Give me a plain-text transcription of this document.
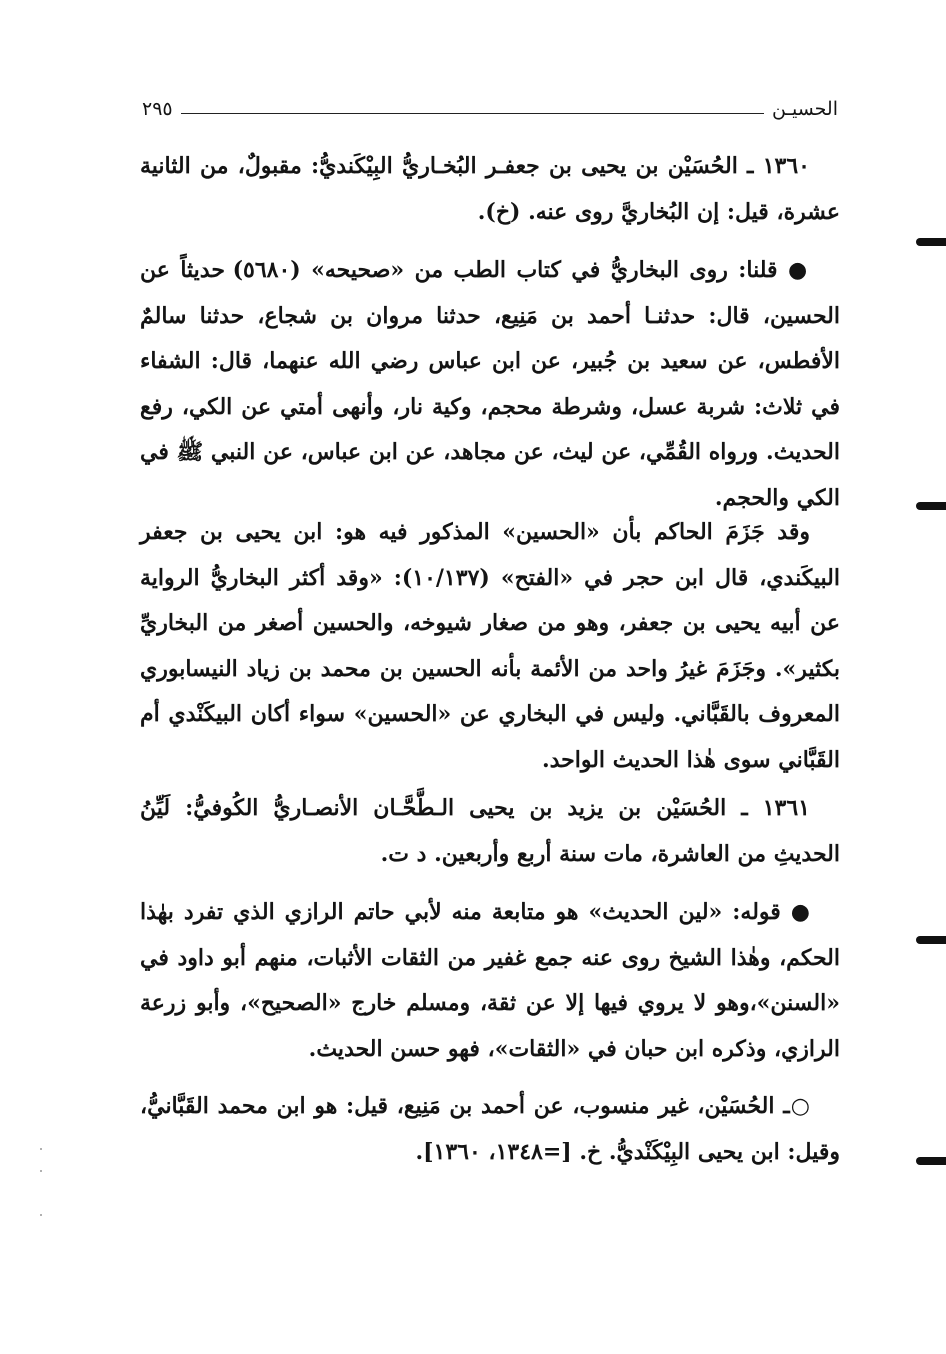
الحسيـن
٢٩٥

١٣٦٠ ـ الحُسَيْن بن يحيى بن جعفـر البُخـاريُّ البِيْكَنديُّ: مقبولٌ، من الثانية عشرة، قيل: إن البُخاريَّ روى عنه. (خ).

● قلنا: روى البخاريُّ في كتاب الطب من «صحيحه» (٥٦٨٠) حديثاً عن الحسين، قال: حدثنـا أحمد بن مَنِيع، حدثنا مروان بن شجاع، حدثنا سالمٌ الأفطس، عن سعيد بن جُبير، عن ابن عباس رضي الله عنهما، قال: الشفاء في ثلاث: شربة عسل، وشرطة محجم، وكية نار، وأنهى أمتي عن الكي، رفع الحديث. ورواه القُمِّي، عن ليث، عن مجاهد، عن ابن عباس، عن النبي ﷺ في الكي والحجم.

وقد جَزَمَ الحاكم بأن «الحسين» المذكور فيه هو: ابن يحيى بن جعفر البيكَندي، قال ابن حجر في «الفتح» (١٠/١٣٧): «وقد أكثر البخاريُّ الرواية عن أبيه يحيى بن جعفر، وهو من صغار شيوخه، والحسين أصغر من البخاريِّ بكثير». وجَزَمَ غيرُ واحد من الأئمة بأنه الحسين بن محمد بن زياد النيسابوري المعروف بالقَبَّاني. وليس في البخاري عن «الحسين» سواء أكان البيكَنْدي أم القَبَّاني سوى هٰذا الحديث الواحد.

١٣٦١ ـ الحُسَيْن بن يزيد بن يحيى الـطَّحَّـان الأنصـاريُّ الكُوفيُّ: لَيِّنُ الحديثِ من العاشرة، مات سنة أربع وأربعين. د ت.

● قوله: «لين الحديث» هو متابعة منه لأبي حاتم الرازي الذي تفرد بهٰذا الحكم، وهٰذا الشيخ روى عنه جمع غفير من الثقات الأثبات، منهم أبو داود في «السنن»،وهو لا يروي فيها إلا عن ثقة، ومسلم خارج «الصحيح»، وأبو زرعة الرازي، وذكره ابن حبان في «الثقات»، فهو حسن الحديث.

○ـ الحُسَيْن، غير منسوب، عن أحمد بن مَنِيع، قيل: هو ابن محمد القَبَّانيُّ، وقيل: ابن يحيى البِيْكَنْديُّ. خ. [=١٣٤٨، ١٣٦٠].
